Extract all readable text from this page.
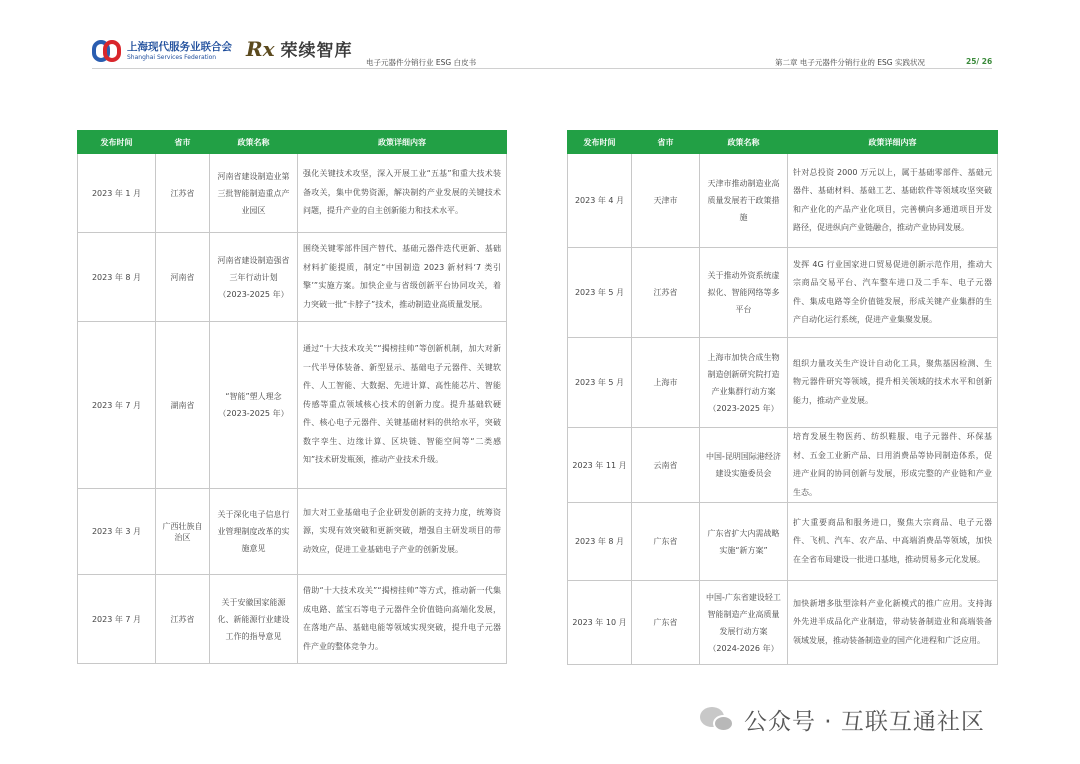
上海现代服务业联合会
Shanghai Services Federation	Rx 荣续智库
电子元器件分销行业 ESG 白皮书	第二章 电子元器件分销行业的 ESG 实践状况	25/ 26
发布时间	省市	政策名称	政策详细内容
2023 年 1 月	江苏省	河南省建设制造业第三批智能制造重点产业园区	强化关键技术攻坚，深入开展工业“五基”和重大技术装备攻关，集中优势资源，解决制约产业发展的关键技术问题，提升产业的自主创新能力和技术水平。
2023 年 8 月	河南省	河南省建设制造强省三年行动计划（2023-2025 年）	围绕关键零部件国产替代、基础元器件迭代更新、基础材料扩能提质，制定“中国制造 2023 新材料‘7 类引擎’”实施方案。加快企业与省级创新平台协同攻关，着力突破一批“卡脖子”技术，推动制造业高质量发展。
2023 年 7 月	湖南省	“智能”塑人理念（2023-2025 年）	通过“十大技术攻关”“揭榜挂帅”等创新机制，加大对新一代半导体装备、新型显示、基础电子元器件、关键软件、人工智能、大数据、先进计算、高性能芯片、智能传感等重点领域核心技术的创新力度。提升基础软硬件、核心电子元器件、关键基础材料的供给水平，突破数字孪生、边缘计算、区块链、智能空间等“二类感知”技术研发瓶颈，推动产业技术升级。
2023 年 3 月	广西壮族自治区	关于深化电子信息行业管理制度改革的实施意见	加大对工业基础电子企业研发创新的支持力度，统筹资源，实现有效突破和更新突破，增强自主研发项目的带动效应，促进工业基础电子产业的创新发展。
2023 年 7 月	江苏省	关于安徽国家能源化、新能源行业建设工作的指导意见	借助“十大技术攻关”“揭榜挂帅”等方式，推动新一代集成电路、蓝宝石等电子元器件全价值链向高端化发展，在落地产品、基础电能等领域实现突破，提升电子元器件产业的整体竞争力。
发布时间	省市	政策名称	政策详细内容
2023 年 4 月	天津市	天津市推动制造业高质量发展若干政策措施	针对总投资 2000 万元以上，属于基础零部件、基础元器件、基础材料、基础工艺、基础软件等领域攻坚突破和产业化的产品产业化项目，完善横向多通道项目开发路径，促进纵向产业链融合，推动产业协同发展。
2023 年 5 月	江苏省	关于推动外资系统虚拟化、智能网络等多平台	发挥 4G 行业国家进口贸易促进创新示范作用，推动大宗商品交易平台、汽车整车进口及二手车、电子元器件、集成电路等全价值链发展，形成关键产业集群的生产自动化运行系统，促进产业集聚发展。
2023 年 5 月	上海市	上海市加快合成生物制造创新研究院打造产业集群行动方案（2023-2025 年）	组织力量攻关生产设计自动化工具，聚焦基因检测、生物元器件研究等领域，提升相关领域的技术水平和创新能力，推动产业发展。
2023 年 11 月	云南省	中国-昆明国际港经济建设实施委员会	培育发展生物医药、纺织鞋服、电子元器件、环保基材、五金工业新产品、日用消费品等协同制造体系，促进产业间的协同创新与发展，形成完整的产业链和产业生态。
2023 年 8 月	广东省	广东省扩大内需战略实施“新方案”	扩大重要商品和服务进口，聚焦大宗商品、电子元器件、飞机、汽车、农产品、中高端消费品等领域，加快在全省布局建设一批进口基地，推动贸易多元化发展。
2023 年 10 月	广东省	中国-广东省建设轻工智能制造产业高质量发展行动方案（2024-2026 年）	加快新增多肽型涂料产业化新模式的推广应用。支持海外先进半成品化产业制造，带动装备制造业和高端装备领域发展，推动装备制造业的国产化进程和广泛应用。
公众号 · 互联互通社区
